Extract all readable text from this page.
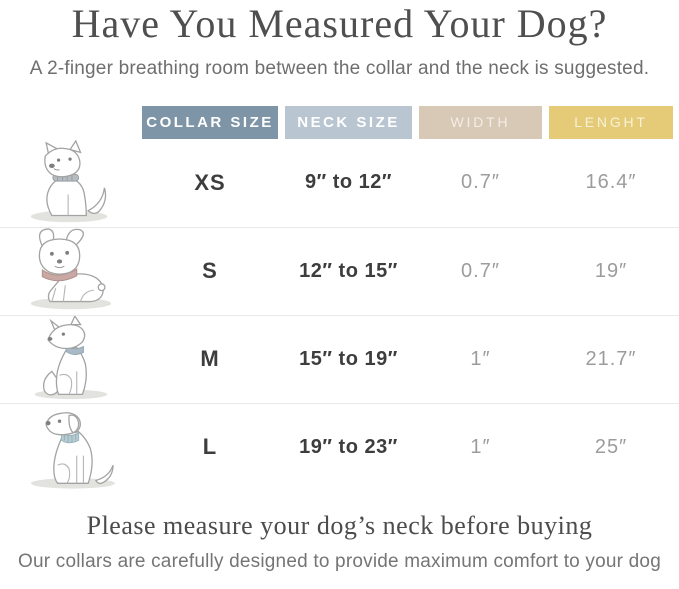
Have You Measured Your Dog?
A 2-finger breathing room between the collar and the neck is suggested.
COLLAR SIZE	NECK SIZE	WIDTH	LENGHT
XS	9″ to 12″	0.7″	16.4″
S	12″ to 15″	0.7″	19″
M	15″ to 19″	1″	21.7″
L	19″ to 23″	1″	25″
Please measure your dog’s neck before buying
Our collars are carefully designed to provide maximum comfort to your dog
